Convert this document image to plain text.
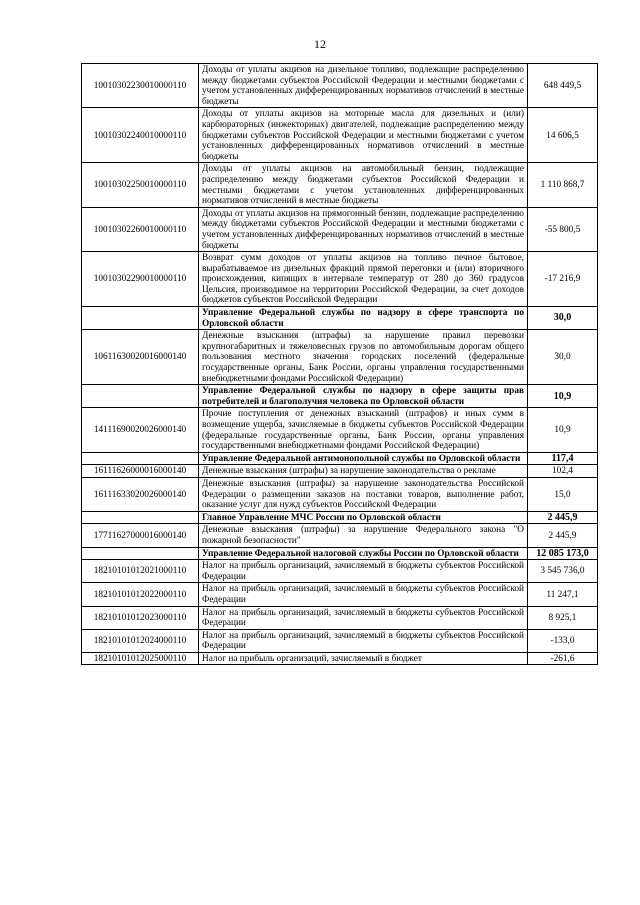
12
10010302230010000110	Доходы от уплаты акцизов на дизельное топливо, подлежащие распределению между бюджетами субъектов Российской Федерации и местными бюджетами с учетом установленных дифференцированных нормативов отчислений в местные бюджеты	648 449,5
10010302240010000110	Доходы от уплаты акцизов на моторные масла для дизельных и (или) карбюраторных (инжекторных) двигателей, подлежащие распределению между бюджетами субъектов Российской Федерации и местными бюджетами с учетом установленных дифференцированных нормативов отчислений в местные бюджеты	14 606,5
10010302250010000110	Доходы от уплаты акцизов на автомобильный бензин, подлежащие распределению между бюджетами субъектов Российской Федерации и местными бюджетами с учетом установленных дифференцированных нормативов отчислений в местные бюджеты	1 110 868,7
10010302260010000110	Доходы от уплаты акцизов на прямогонный бензин, подлежащие распределению между бюджетами субъектов Российской Федерации и местными бюджетами с учетом установленных дифференцированных нормативов отчислений в местные бюджеты	-55 800,5
10010302290010000110	Возврат сумм доходов от уплаты акцизов на топливо печное бытовое, вырабатываемое из дизельных фракций прямой перегонки и (или) вторичного происхождения, кипящих в интервале температур от 280 до 360 градусов Цельсия, производимое на территории Российской Федерации, за счет доходов бюджетов субъектов Российской Федерации	-17 216,9
	Управление Федеральной службы по надзору в сфере транспорта по Орловской области	30,0
10611630020016000140	Денежные взыскания (штрафы) за нарушение правил перевозки крупногабаритных и тяжеловесных грузов по автомобильным дорогам общего пользования местного значения городских поселений (федеральные государственные органы, Банк России, органы управления государственными внебюджетными фондами Российской Федерации)	30,0
	Управление Федеральной службы по надзору в сфере защиты прав потребителей и благополучия человека по Орловской области	10,9
14111690020026000140	Прочие поступления от денежных взысканий (штрафов) и иных сумм в возмещение ущерба, зачисляемые в бюджеты субъектов Российской Федерации (федеральные государственные органы, Банк России, органы управления государственными внебюджетными фондами Российской Федерации)	10,9
	Управление Федеральной антимонопольной службы по Орловской области	117,4
16111626000016000140	Денежные взыскания (штрафы) за нарушение законодательства о рекламе	102,4
16111633020026000140	Денежные взыскания (штрафы) за нарушение законодательства Российской Федерации о размещении заказов на поставки товаров, выполнение работ, оказание услуг для нужд субъектов Российской Федерации	15,0
	Главное Управление МЧС России по Орловской области	2 445,9
17711627000016000140	Денежные взыскания (штрафы) за нарушение Федерального закона "О пожарной безопасности"	2 445,9
	Управление Федеральной налоговой службы России по Орловской области	12 085 173,0
18210101012021000110	Налог на прибыль организаций, зачисляемый в бюджеты субъектов Российской Федерации	3 545 736,0
18210101012022000110	Налог на прибыль организаций, зачисляемый в бюджеты субъектов Российской Федерации	11 247,1
18210101012023000110	Налог на прибыль организаций, зачисляемый в бюджеты субъектов Российской Федерации	8 925,1
18210101012024000110	Налог на прибыль организаций, зачисляемый в бюджеты субъектов Российской Федерации	-133,0
18210101012025000110	Налог на прибыль организаций, зачисляемый в бюджет	-261,6
